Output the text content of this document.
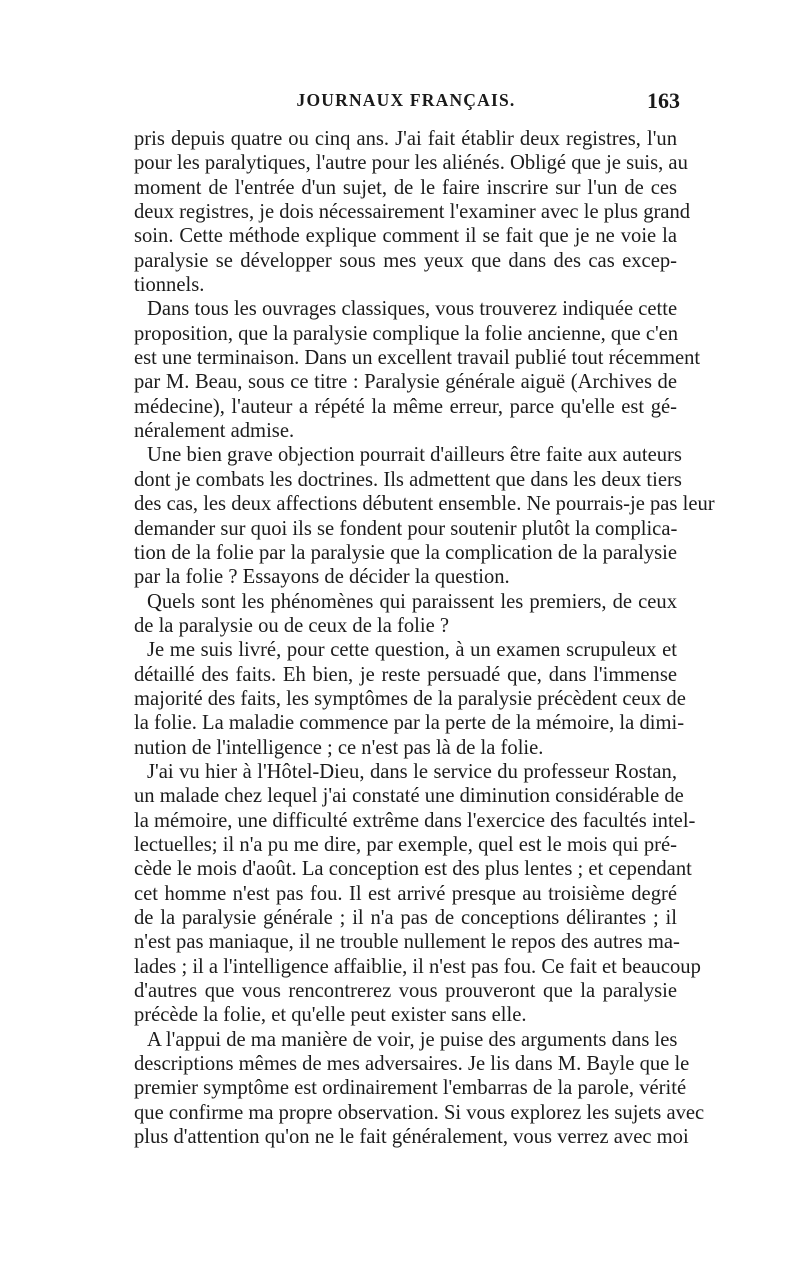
JOURNAUX FRANÇAIS.	163
pris depuis quatre ou cinq ans. J'ai fait établir deux registres, l'un
pour les paralytiques, l'autre pour les aliénés. Obligé que je suis, au
moment de l'entrée d'un sujet, de le faire inscrire sur l'un de ces
deux registres, je dois nécessairement l'examiner avec le plus grand
soin. Cette méthode explique comment il se fait que je ne voie la
paralysie se développer sous mes yeux que dans des cas excep-
tionnels.
Dans tous les ouvrages classiques, vous trouverez indiquée cette
proposition, que la paralysie complique la folie ancienne, que c'en
est une terminaison. Dans un excellent travail publié tout récemment
par M. Beau, sous ce titre : Paralysie générale aiguë (Archives de
médecine), l'auteur a répété la même erreur, parce qu'elle est gé-
néralement admise.
Une bien grave objection pourrait d'ailleurs être faite aux auteurs
dont je combats les doctrines. Ils admettent que dans les deux tiers
des cas, les deux affections débutent ensemble. Ne pourrais-je pas leur
demander sur quoi ils se fondent pour soutenir plutôt la complica-
tion de la folie par la paralysie que la complication de la paralysie
par la folie ? Essayons de décider la question.
Quels sont les phénomènes qui paraissent les premiers, de ceux
de la paralysie ou de ceux de la folie ?
Je me suis livré, pour cette question, à un examen scrupuleux et
détaillé des faits. Eh bien, je reste persuadé que, dans l'immense
majorité des faits, les symptômes de la paralysie précèdent ceux de
la folie. La maladie commence par la perte de la mémoire, la dimi-
nution de l'intelligence ; ce n'est pas là de la folie.
J'ai vu hier à l'Hôtel-Dieu, dans le service du professeur Rostan,
un malade chez lequel j'ai constaté une diminution considérable de
la mémoire, une difficulté extrême dans l'exercice des facultés intel-
lectuelles; il n'a pu me dire, par exemple, quel est le mois qui pré-
cède le mois d'août. La conception est des plus lentes ; et cependant
cet homme n'est pas fou. Il est arrivé presque au troisième degré
de la paralysie générale ; il n'a pas de conceptions délirantes ; il
n'est pas maniaque, il ne trouble nullement le repos des autres ma-
lades ; il a l'intelligence affaiblie, il n'est pas fou. Ce fait et beaucoup
d'autres que vous rencontrerez vous prouveront que la paralysie
précède la folie, et qu'elle peut exister sans elle.
A l'appui de ma manière de voir, je puise des arguments dans les
descriptions mêmes de mes adversaires. Je lis dans M. Bayle que le
premier symptôme est ordinairement l'embarras de la parole, vérité
que confirme ma propre observation. Si vous explorez les sujets avec
plus d'attention qu'on ne le fait généralement, vous verrez avec moi
